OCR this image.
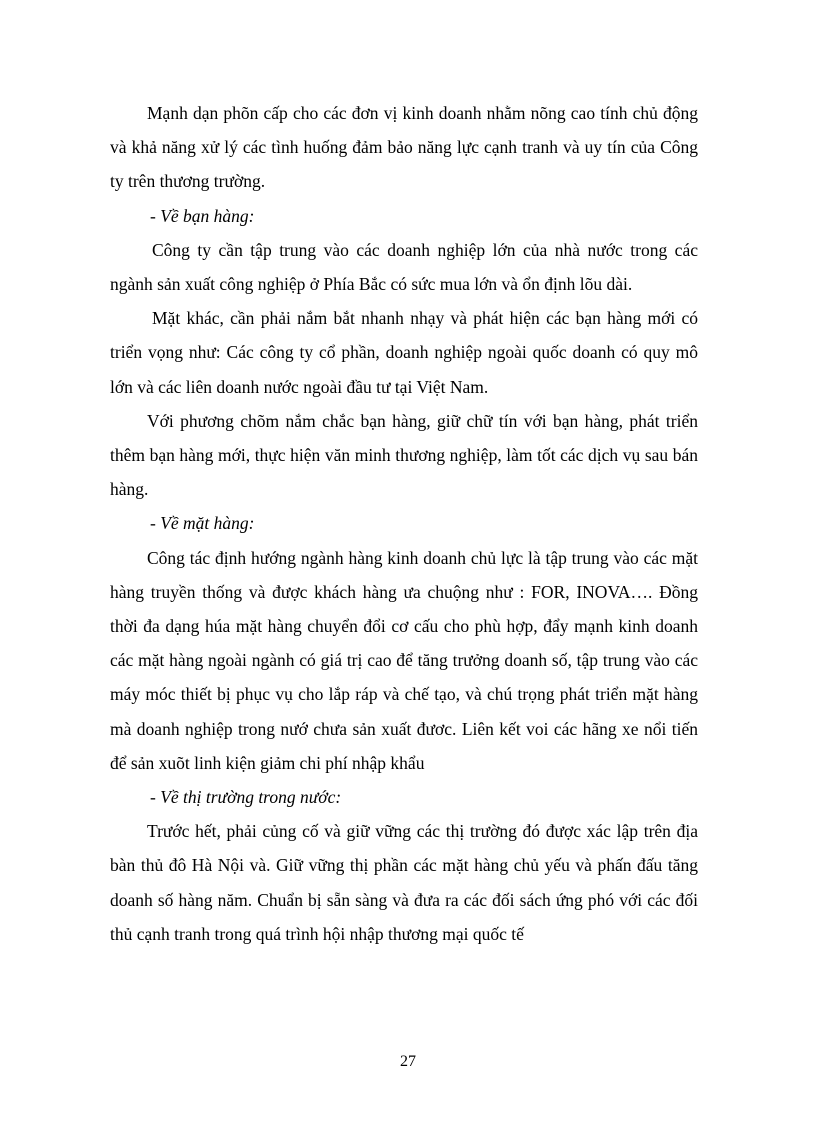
Mạnh dạn phõn cấp cho các đơn vị kinh doanh nhằm nõng cao tính chủ động và khả năng xử lý các tình huống đảm bảo năng lực cạnh tranh và uy tín của Công ty trên thương trường.

- Về bạn hàng:

Công ty cần tập trung vào các doanh nghiệp lớn của nhà nước trong các ngành sản xuất công nghiệp ở Phía Bắc có sức mua lớn và ổn định lõu dài.

Mặt khác, cần phải nắm bắt nhanh nhạy và phát hiện các bạn hàng mới có triển vọng như: Các công ty cổ phần, doanh nghiệp ngoài quốc doanh có quy mô lớn và các liên doanh nước ngoài đầu tư tại Việt Nam.

Với phương chõm nắm chắc bạn hàng, giữ chữ tín với bạn hàng, phát triển thêm bạn hàng mới, thực hiện văn minh thương nghiệp, làm tốt các dịch vụ sau bán hàng.

- Về mặt hàng:

Công tác định hướng ngành hàng kinh doanh chủ lực là tập trung vào các mặt hàng truyền thống và được khách hàng ưa chuộng như : FOR, INOVA…. Đồng thời đa dạng húa mặt hàng chuyển đổi cơ cấu cho phù hợp, đẩy mạnh kinh doanh các mặt hàng ngoài ngành có giá trị cao để tăng trưởng doanh số, tập trung vào các máy móc thiết bị phục vụ cho lắp ráp và chế tạo, và chú trọng phát triển mặt hàng mà doanh nghiệp trong nướ chưa sản xuất đươc. Liên kết voi các hãng xe nổi tiến để sản xuõt linh kiện giảm chi phí nhập khẩu

- Về thị trường trong nước:

Trước hết, phải củng cố và giữ vững các thị trường đó được xác lập trên địa bàn thủ đô Hà Nội và. Giữ vững thị phần các mặt hàng chủ yếu và phấn đấu tăng doanh số hàng năm. Chuẩn bị sẵn sàng và đưa ra các đối sách ứng phó với các đối thủ cạnh tranh trong quá trình hội nhập thương mại quốc tế

27
